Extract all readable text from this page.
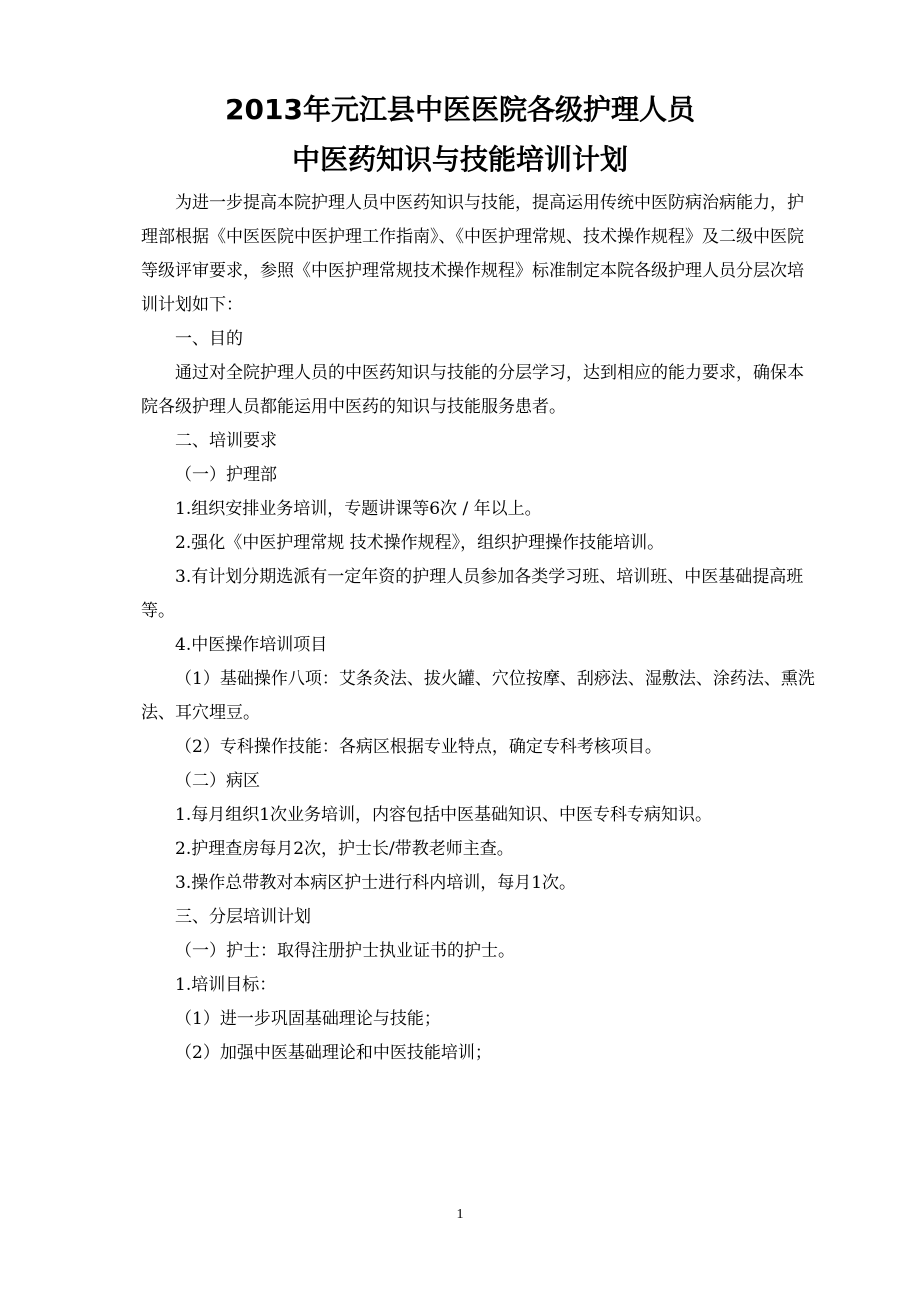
2013年元江县中医医院各级护理人员
中医药知识与技能培训计划

为进一步提高本院护理人员中医药知识与技能，提高运用传统中医防病治病能力，护理部根据《中医医院中医护理工作指南》、《中医护理常规、技术操作规程》及二级中医院等级评审要求，参照《中医护理常规技术操作规程》标准制定本院各级护理人员分层次培训计划如下：

一、目的

通过对全院护理人员的中医药知识与技能的分层学习，达到相应的能力要求，确保本院各级护理人员都能运用中医药的知识与技能服务患者。

二、培训要求

（一）护理部

1.组织安排业务培训，专题讲课等6次 / 年以上。

2.强化《中医护理常规 技术操作规程》，组织护理操作技能培训。

3.有计划分期选派有一定年资的护理人员参加各类学习班、培训班、中医基础提高班等。

4.中医操作培训项目

（1）基础操作八项：艾条灸法、拔火罐、穴位按摩、刮痧法、湿敷法、涂药法、熏洗法、耳穴埋豆。

（2）专科操作技能：各病区根据专业特点，确定专科考核项目。

（二）病区

1.每月组织1次业务培训，内容包括中医基础知识、中医专科专病知识。

2.护理查房每月2次，护士长/带教老师主查。

3.操作总带教对本病区护士进行科内培训，每月1次。

三、分层培训计划

（一）护士：取得注册护士执业证书的护士。

1.培训目标：

（1）进一步巩固基础理论与技能；

（2）加强中医基础理论和中医技能培训；

1
